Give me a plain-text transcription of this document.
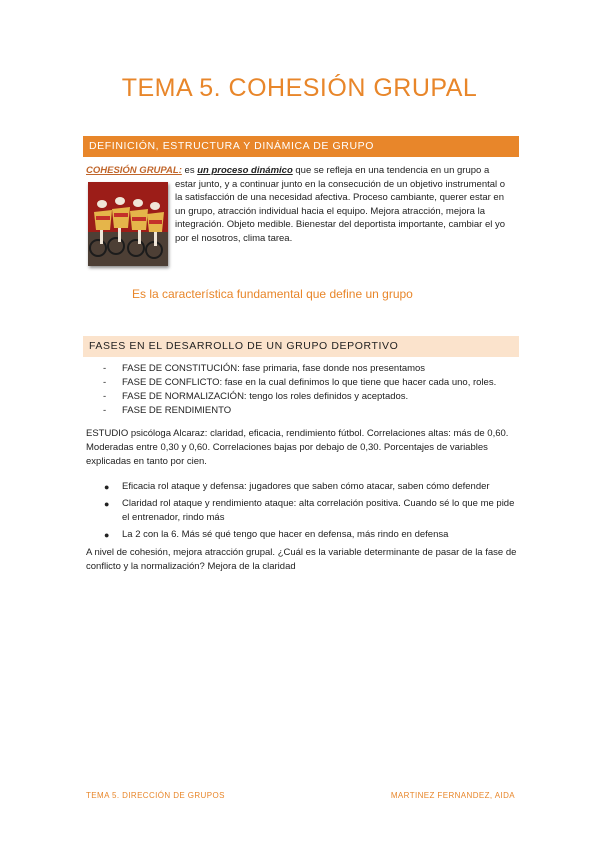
TEMA 5. COHESIÓN GRUPAL
DEFINICIÓN, ESTRUCTURA Y DINÁMICA DE GRUPO
COHESIÓN GRUPAL: es un proceso dinámico que se refleja en una tendencia en un grupo a
estar junto, y a continuar junto en la consecución de un objetivo instrumental o la satisfacción de una necesidad afectiva. Proceso cambiante, querer estar en un grupo, atracción individual hacia el equipo. Mejora atracción, mejora la integración. Objeto medible. Bienestar del deportista importante, cambiar el yo por el nosotros, clima tarea.
Es la característica fundamental que define un grupo
FASES EN EL DESARROLLO DE UN GRUPO DEPORTIVO
- FASE DE CONSTITUCIÓN: fase primaria, fase donde nos presentamos
- FASE DE CONFLICTO: fase en la cual definimos lo que tiene que hacer cada uno, roles.
- FASE DE NORMALIZACIÓN: tengo los roles definidos y aceptados.
- FASE DE RENDIMIENTO
ESTUDIO psicóloga Alcaraz: claridad, eficacia, rendimiento fútbol. Correlaciones altas: más de 0,60. Moderadas entre 0,30 y 0,60. Correlaciones bajas por debajo de 0,30. Porcentajes de variables explicadas en tanto por cien.
● Eficacia rol ataque y defensa: jugadores que saben cómo atacar, saben cómo defender
● Claridad rol ataque y rendimiento ataque: alta correlación positiva. Cuando sé lo que me pide el entrenador, rindo más
● La 2 con la 6. Más sé qué tengo que hacer en defensa, más rindo en defensa
A nivel de cohesión, mejora atracción grupal. ¿Cuál es la variable determinante de pasar de la fase de conflicto y la normalización? Mejora de la claridad
TEMA 5. DIRECCIÓN DE GRUPOS	MARTINEZ FERNANDEZ, AIDA
